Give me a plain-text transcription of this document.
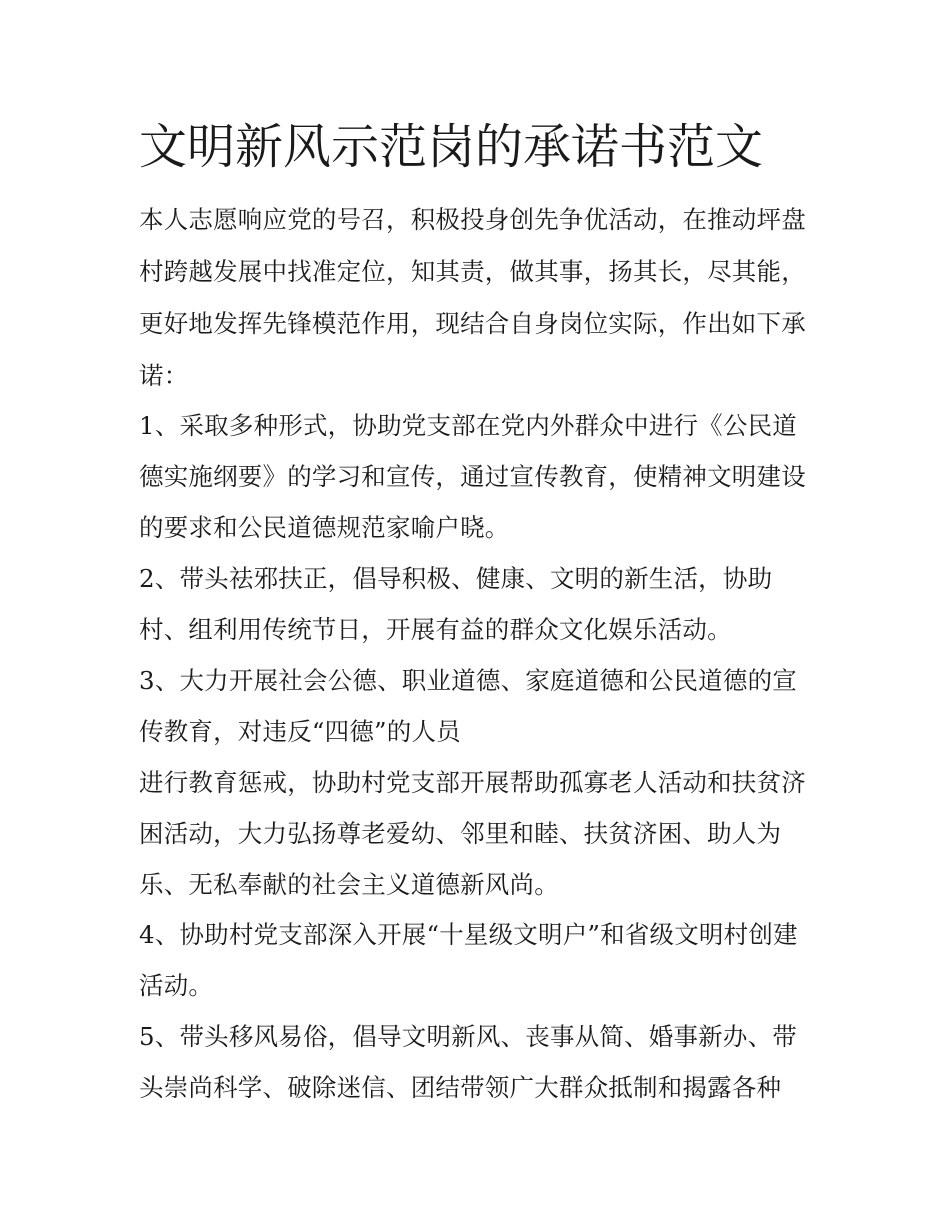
文明新风示范岗的承诺书范文
本人志愿响应党的号召，积极投身创先争优活动，在推动坪盘
村跨越发展中找准定位，知其责，做其事，扬其长，尽其能，
更好地发挥先锋模范作用，现结合自身岗位实际，作出如下承
诺：
1、采取多种形式，协助党支部在党内外群众中进行《公民道
德实施纲要》的学习和宣传，通过宣传教育，使精神文明建设
的要求和公民道德规范家喻户晓。
2、带头祛邪扶正，倡导积极、健康、文明的新生活，协助
村、组利用传统节日，开展有益的群众文化娱乐活动。
3、大力开展社会公德、职业道德、家庭道德和公民道德的宣
传教育，对违反“四德”的人员
进行教育惩戒，协助村党支部开展帮助孤寡老人活动和扶贫济
困活动，大力弘扬尊老爱幼、邻里和睦、扶贫济困、助人为
乐、无私奉献的社会主义道德新风尚。
4、协助村党支部深入开展“十星级文明户”和省级文明村创建
活动。
5、带头移风易俗，倡导文明新风、丧事从简、婚事新办、带
头崇尚科学、破除迷信、团结带领广大群众抵制和揭露各种
